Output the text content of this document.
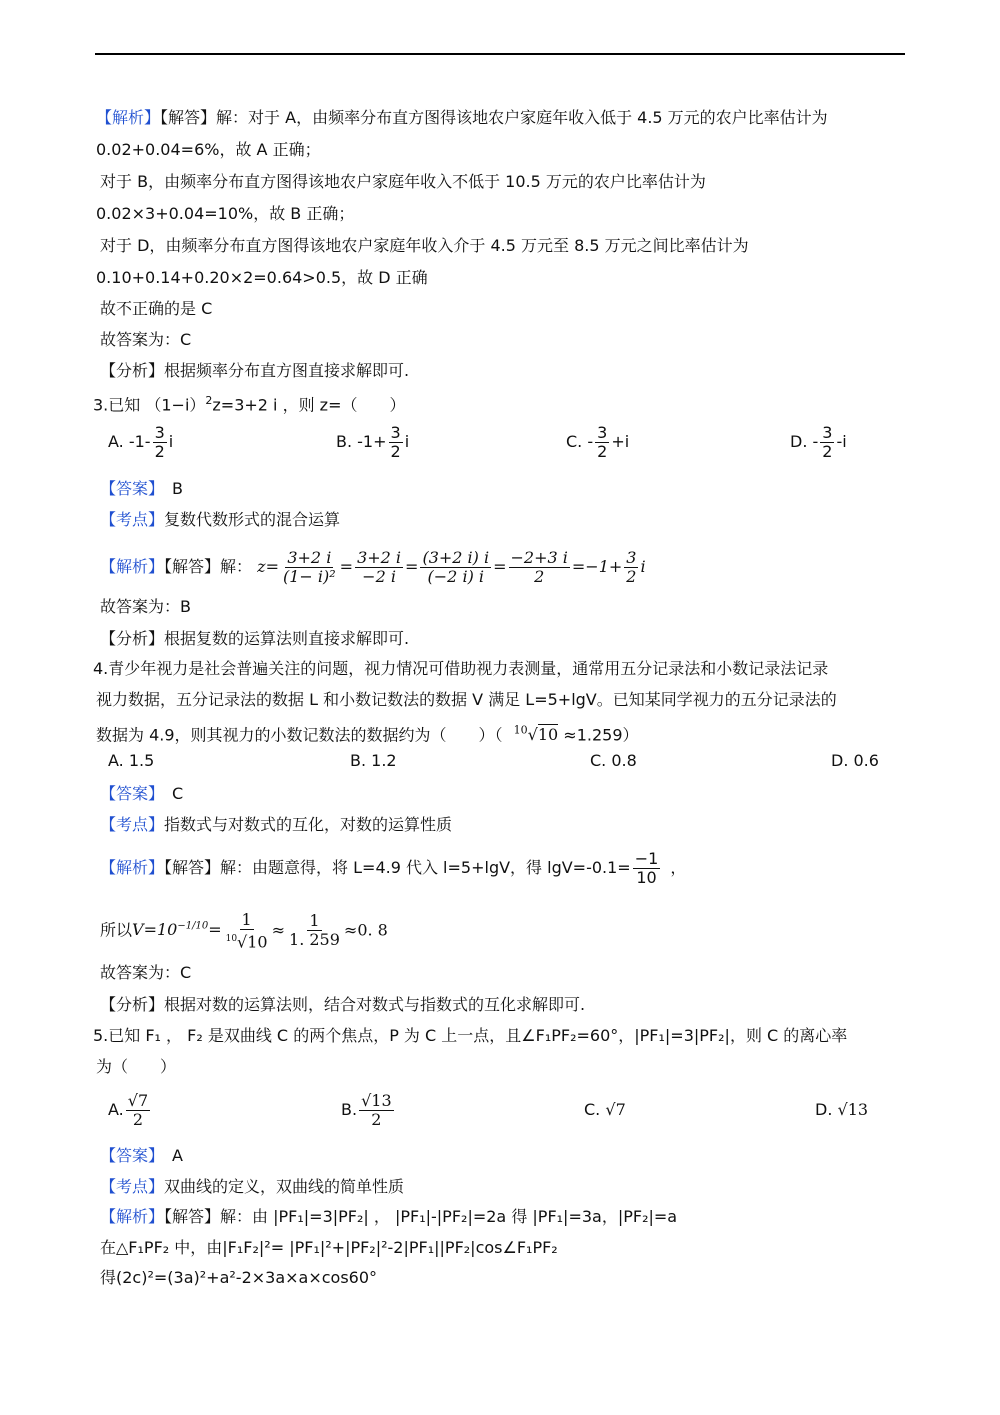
【解析】【解答】解：对于 A，由频率分布直方图得该地农户家庭年收入低于 4.5 万元的农户比率估计为
0.02+0.04=6%，故 A 正确；
对于 B，由频率分布直方图得该地农户家庭年收入不低于 10.5 万元的农户比率估计为
0.02×3+0.04=10%，故 B 正确；
对于 D，由频率分布直方图得该地农户家庭年收入介于 4.5 万元至 8.5 万元之间比率估计为
0.10+0.14+0.20×2=0.64>0.5，故 D 正确
故不正确的是 C
故答案为：C
【分析】根据频率分布直方图直接求解即可.
3.已知 $(1-i)^2z=3+2$ i ，则 z=（　　）
A. $-1- \frac{3}{2}$ i	B. $-1+ \frac{3}{2}$ i	C. - $\frac{3}{2} +i$	D. - $\frac{3}{2} -i$
【答案】 B
【考点】复数代数形式的混合运算
【解析】【解答】解： $z= \frac{3+2 i}{\text{(1− i)²}} = \frac{3+2 i}{-2 i} = \frac{(3+2 i) i}{(-2 i) i} = \frac{-2+3 i}{2} =-1+ \frac{3}{2}$ i
故答案为：B
【分析】根据复数的运算法则直接求解即可.
4.青少年视力是社会普遍关注的问题，视力情况可借助视力表测量，通常用五分记录法和小数记录法记录
视力数据，五分记录法的数据 L 和小数记数法的数据 V 满足 L=5+lgV。已知某同学视力的五分记录法的
数据为 4.9，则其视力的小数记数法的数据约为（　　）（ $^{10}$√10 ≈1.259）
A. 1.5	B. 1.2	C. 0.8	D. 0.6
【答案】 C
【考点】指数式与对数式的互化，对数的运算性质
【解析】【解答】解：由题意得，将 L=4.9 代入 l=5+lgV，得 $\lg V=-0.1= \frac{-1}{10}$ ，
所以$V=10^{-1/10}= \frac{1}{^{10}√10} \approx \frac{1}{1. 259} \approx 0$. 8
故答案为：C
【分析】根据对数的运算法则，结合对数式与指数式的互化求解即可.
5.已知 F₁ ， F₂ 是双曲线 C 的两个焦点，P 为 C 上一点，且∠F₁PF₂=60°，|PF₁|=3|PF₂|，则 C 的离心率
为（　　）
A. $\frac{√7}{2}$	B. $\frac{√13}{2}$	C. √7	D. √13
【答案】 A
【考点】双曲线的定义，双曲线的简单性质
【解析】【解答】解：由 |PF₁|=3|PF₂| ， |PF₁|-|PF₂|=2a 得 |PF₁|=3a，|PF₂|=a
在△F₁PF₂ 中，由|F₁F₂|²= |PF₁|²+|PF₂|²-2|PF₁||PF₂|cos∠F₁PF₂
得(2c)²=(3a)²+a²-2×3a×a×cos60°
